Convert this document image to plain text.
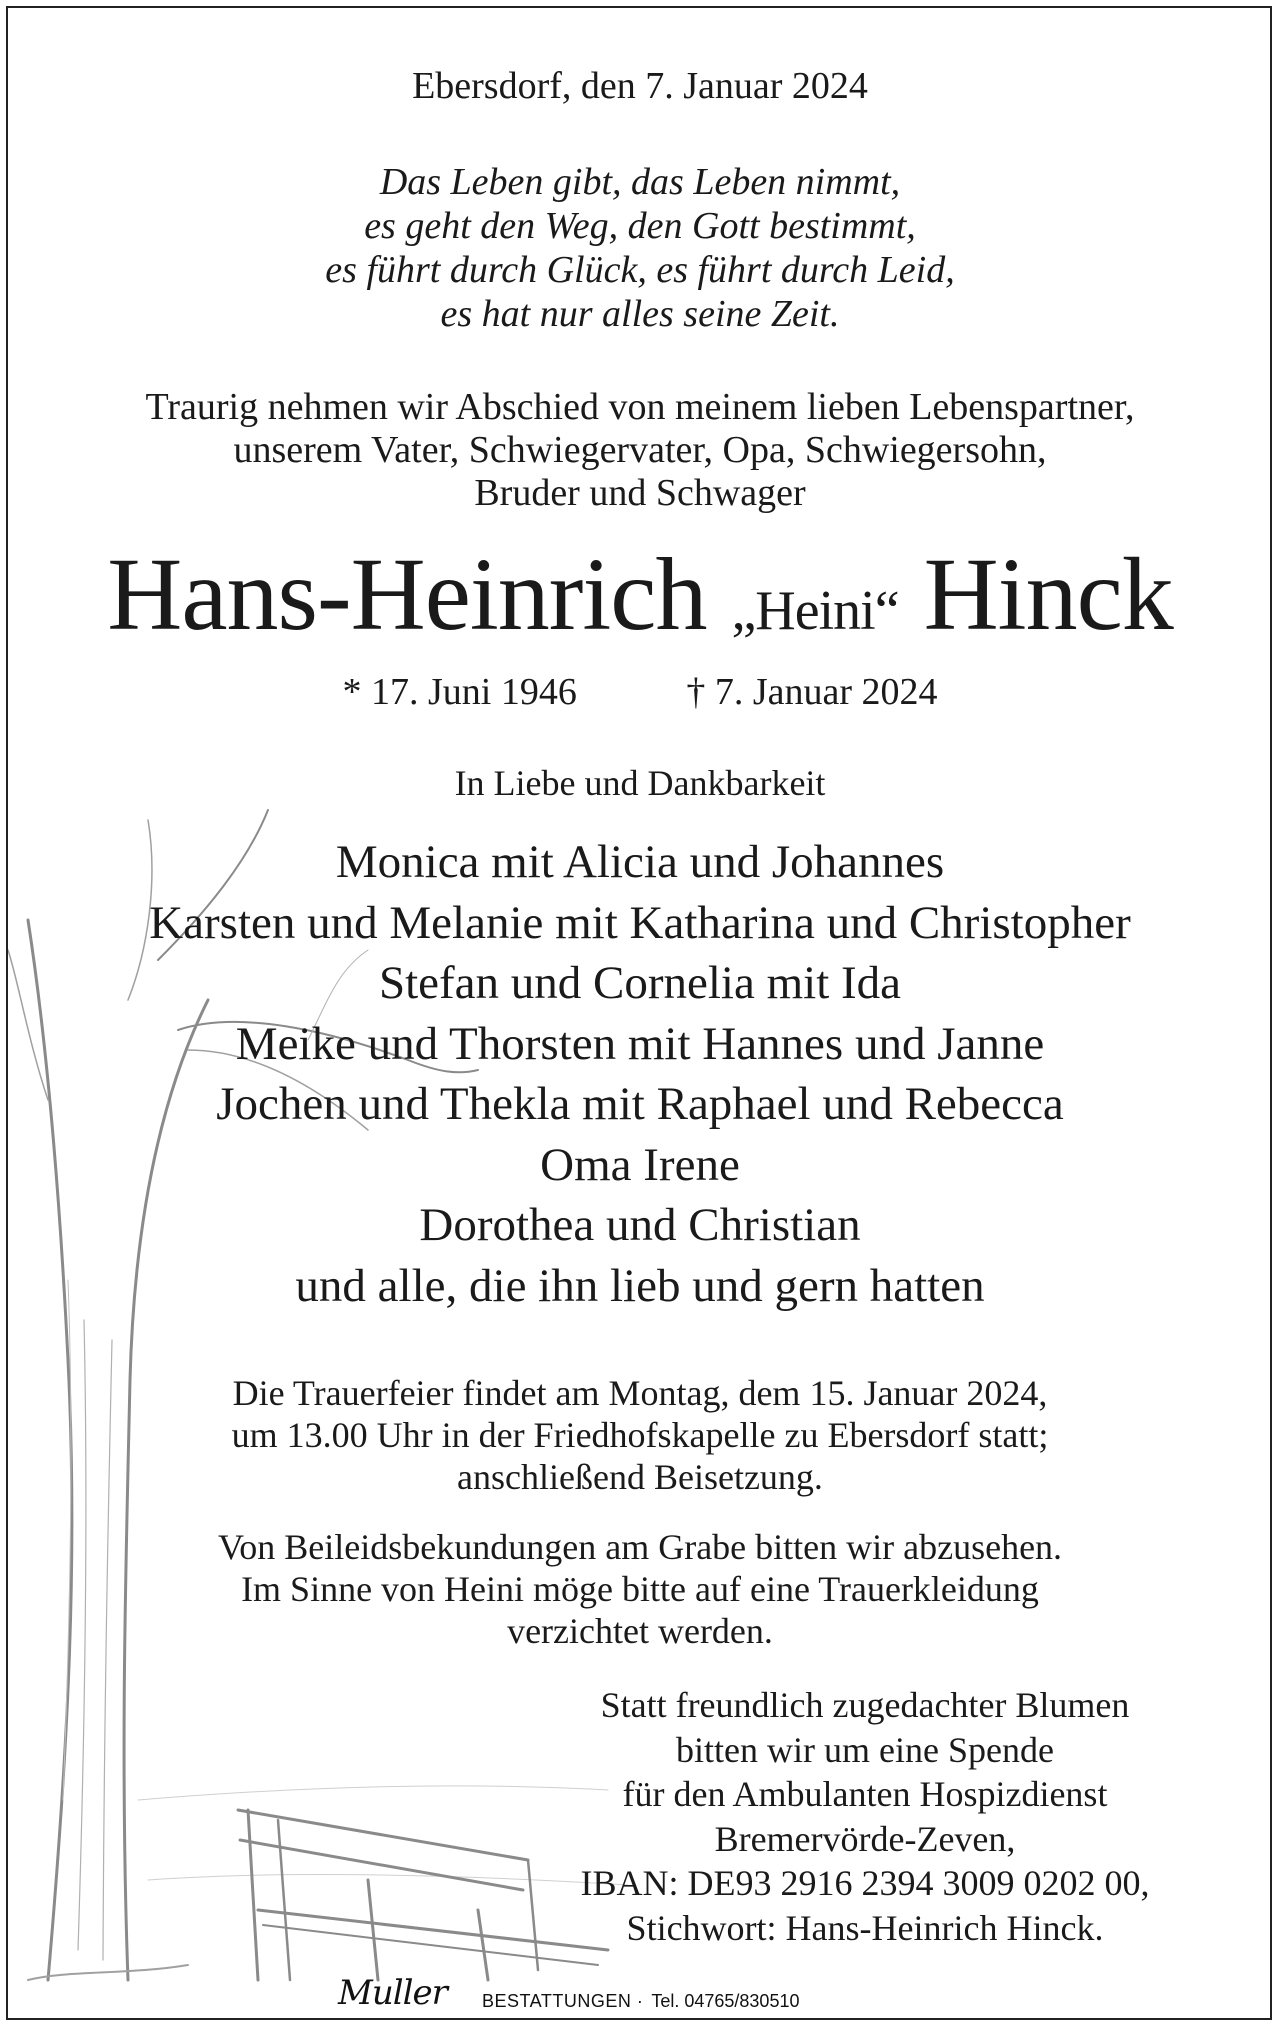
Ebersdorf, den 7. Januar 2024
Das Leben gibt, das Leben nimmt,
es geht den Weg, den Gott bestimmt,
es führt durch Glück, es führt durch Leid,
es hat nur alles seine Zeit.
Traurig nehmen wir Abschied von meinem lieben Lebenspartner,
unserem Vater, Schwiegervater, Opa, Schwiegersohn,
Bruder und Schwager
Hans-Heinrich „Heini“ Hinck
* 17. Juni 1946	† 7. Januar 2024
In Liebe und Dankbarkeit
Monica mit Alicia und Johannes
Karsten und Melanie mit Katharina und Christopher
Stefan und Cornelia mit Ida
Meike und Thorsten mit Hannes und Janne
Jochen und Thekla mit Raphael und Rebecca
Oma Irene
Dorothea und Christian
und alle, die ihn lieb und gern hatten
Die Trauerfeier findet am Montag, dem 15. Januar 2024,
um 13.00 Uhr in der Friedhofskapelle zu Ebersdorf statt;
anschließend Beisetzung.
Von Beileidsbekundungen am Grabe bitten wir abzusehen.
Im Sinne von Heini möge bitte auf eine Trauerkleidung
verzichtet werden.
Statt freundlich zugedachter Blumen
bitten wir um eine Spende
für den Ambulanten Hospizdienst
Bremervörde-Zeven,
IBAN: DE93 2916 2394 3009 0202 00,
Stichwort: Hans-Heinrich Hinck.
Muller BESTATTUNGEN · Tel. 04765/830510
